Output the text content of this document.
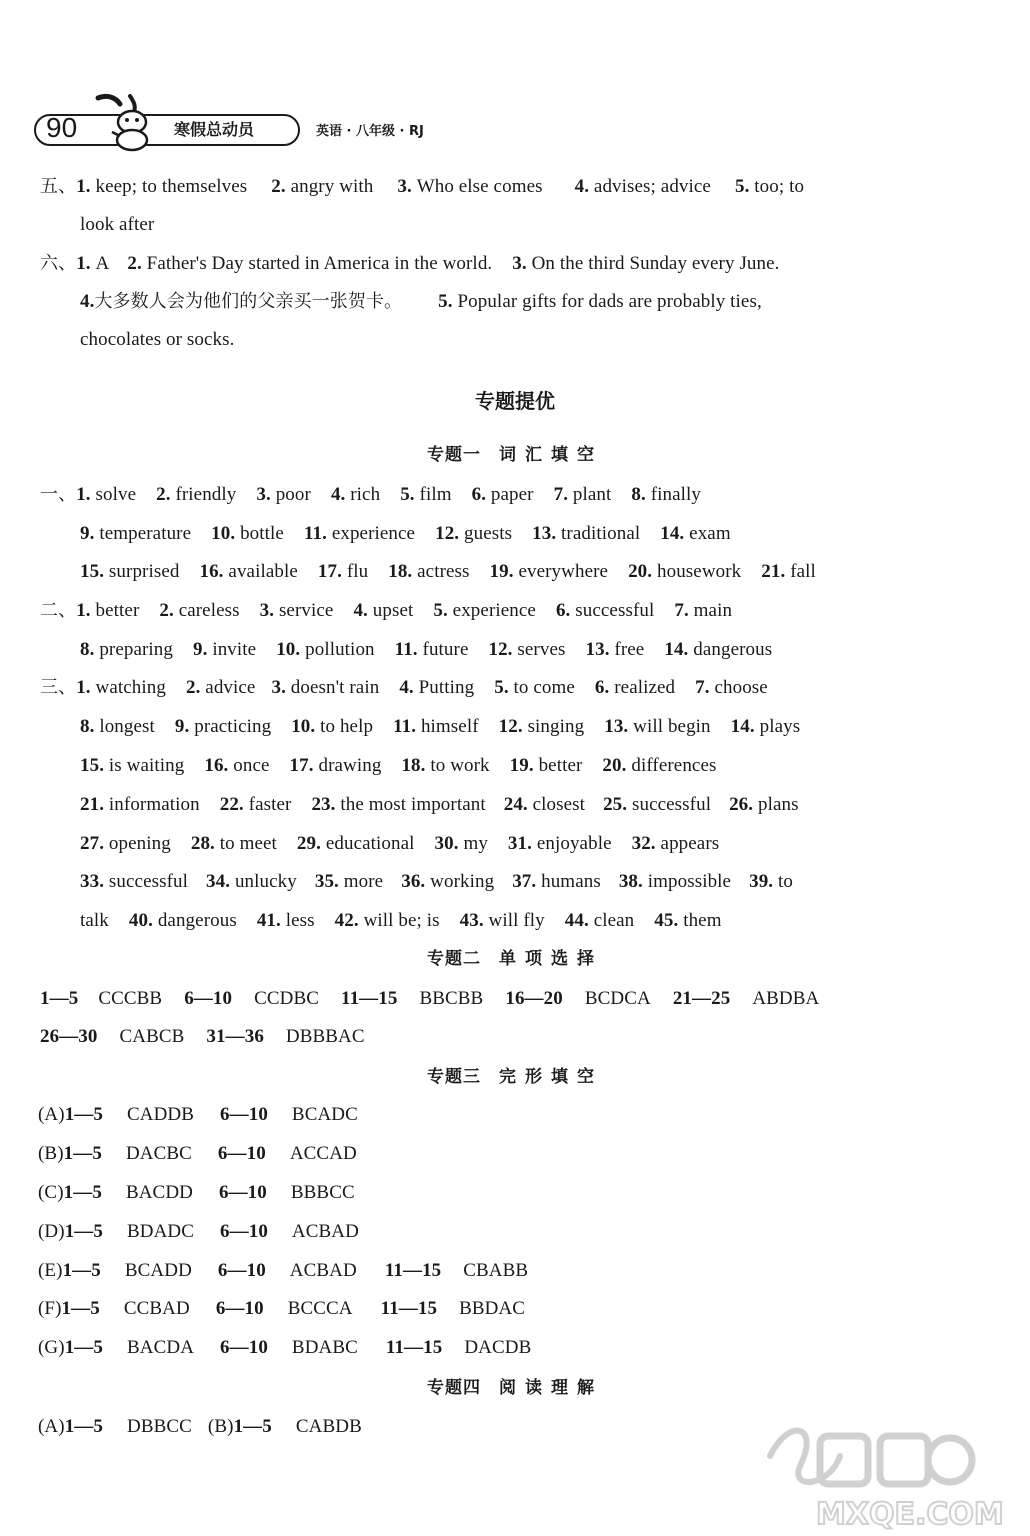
90	寒假总动员	英语 · 八年级 · RJ
五、1. keep; to themselves 2. angry with 3. Who else comes 4. advises; advice 5. too; to
look after
六、1. A 2. Father's Day started in America in the world. 3. On the third Sunday every June.
4.大多数人会为他们的父亲买一张贺卡。 5. Popular gifts for dads are probably ties,
chocolates or socks.
专题提优
专题一 词汇填空
一、1. solve 2. friendly 3. poor 4. rich 5. film 6. paper 7. plant 8. finally
9. temperature 10. bottle 11. experience 12. guests 13. traditional 14. exam
15. surprised 16. available 17. flu 18. actress 19. everywhere 20. housework 21. fall
二、1. better 2. careless 3. service 4. upset 5. experience 6. successful 7. main
8. preparing 9. invite 10. pollution 11. future 12. serves 13. free 14. dangerous
三、1. watching 2. advice 3. doesn't rain 4. Putting 5. to come 6. realized 7. choose
8. longest 9. practicing 10. to help 11. himself 12. singing 13. will begin 14. plays
15. is waiting 16. once 17. drawing 18. to work 19. better 20. differences
21. information 22. faster 23. the most important 24. closest 25. successful 26. plans
27. opening 28. to meet 29. educational 30. my 31. enjoyable 32. appears
33. successful 34. unlucky 35. more 36. working 37. humans 38. impossible 39. to
talk 40. dangerous 41. less 42. will be; is 43. will fly 44. clean 45. them
专题二 单项选择
1—5 CCCBB 6—10 CCDBC 11—15 BBCBB 16—20 BCDCA 21—25 ABDBA
26—30 CABCB 31—36 DBBBAC
专题三 完形填空
(A)1—5 CADDB 6—10 BCADC
(B)1—5 DACBC 6—10 ACCAD
(C)1—5 BACDD 6—10 BBBCC
(D)1—5 BDADC 6—10 ACBAD
(E)1—5 BCADD 6—10 ACBAD 11—15 CBABB
(F)1—5 CCBAD 6—10 BCCCA 11—15 BBDAC
(G)1—5 BACDA 6—10 BDABC 11—15 DACDB
专题四 阅读理解
(A)1—5 DBBCC (B)1—5 CABDB
MXQE.COM
